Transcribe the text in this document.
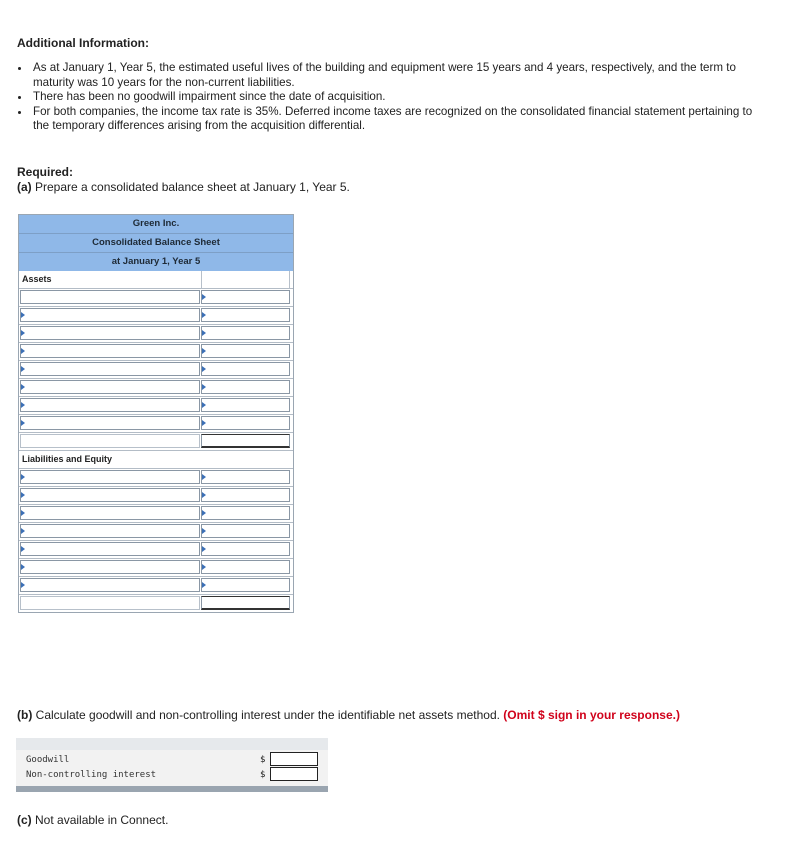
Additional Information:
• As at January 1, Year 5, the estimated useful lives of the building and equipment were 15 years and 4 years, respectively, and the term to maturity was 10 years for the non-current liabilities.
• There has been no goodwill impairment since the date of acquisition.
• For both companies, the income tax rate is 35%. Deferred income taxes are recognized on the consolidated financial statement pertaining to the temporary differences arising from the acquisition differential.
Required:
(a) Prepare a consolidated balance sheet at January 1, Year 5.
Green Inc.
Consolidated Balance Sheet
at January 1, Year 5
Assets
Liabilities and Equity
(b) Calculate goodwill and non-controlling interest under the identifiable net assets method. (Omit $ sign in your response.)
Goodwill	$
Non-controlling interest	$
(c) Not available in Connect.
